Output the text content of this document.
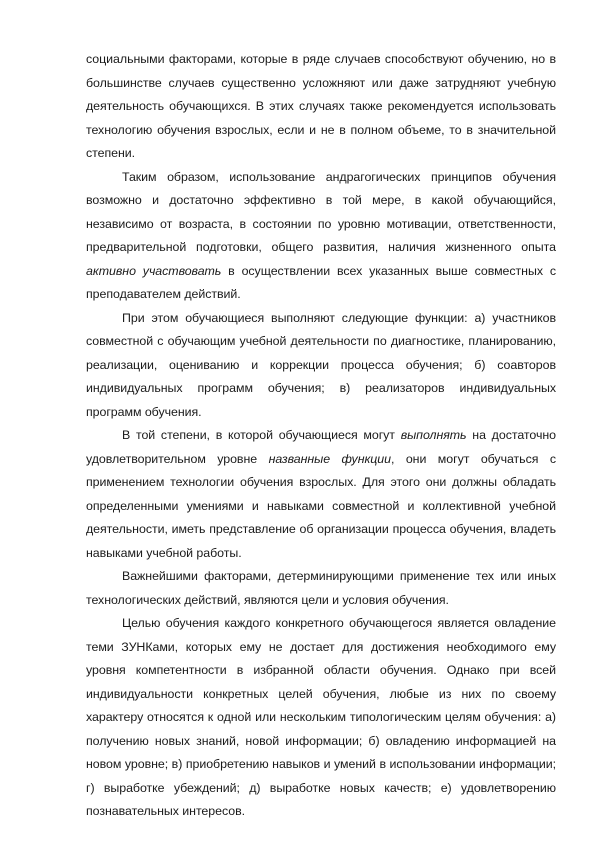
социальными факторами, которые в ряде случаев способствуют обучению, но в большинстве случаев существенно усложняют или даже затрудняют учебную деятельность обучающихся. В этих случаях также рекомендуется использовать технологию обучения взрослых, если и не в полном объеме, то в значительной степени.

Таким образом, использование андрагогических принципов обучения возможно и достаточно эффективно в той мере, в какой обучающийся, независимо от возраста, в состоянии по уровню мотивации, ответственности, предварительной подготовки, общего развития, наличия жизненного опыта активно участвовать в осуществлении всех указанных выше совместных с преподавателем действий.

При этом обучающиеся выполняют следующие функции: а) участников совместной с обучающим учебной деятельности по диагностике, планированию, реализации, оцениванию и коррекции процесса обучения; б) соавторов индивидуальных программ обучения; в) реализаторов индивидуальных программ обучения.

В той степени, в которой обучающиеся могут выполнять на достаточно удовлетворительном уровне названные функции, они могут обучаться с применением технологии обучения взрослых. Для этого они должны обладать определенными умениями и навыками совместной и коллективной учебной деятельности, иметь представление об организации процесса обучения, владеть навыками учебной работы.

Важнейшими факторами, детерминирующими применение тех или иных технологических действий, являются цели и условия обучения.

Целью обучения каждого конкретного обучающегося является овладение теми ЗУНКами, которых ему не достает для достижения необходимого ему уровня компетентности в избранной области обучения. Однако при всей индивидуальности конкретных целей обучения, любые из них по своему характеру относятся к одной или нескольким типологическим целям обучения: а) получению новых знаний, новой информации; б) овладению информацией на новом уровне; в) приобретению навыков и умений в использовании информации; г) выработке убеждений; д) выработке новых качеств; е) удовлетворению познавательных интересов.
